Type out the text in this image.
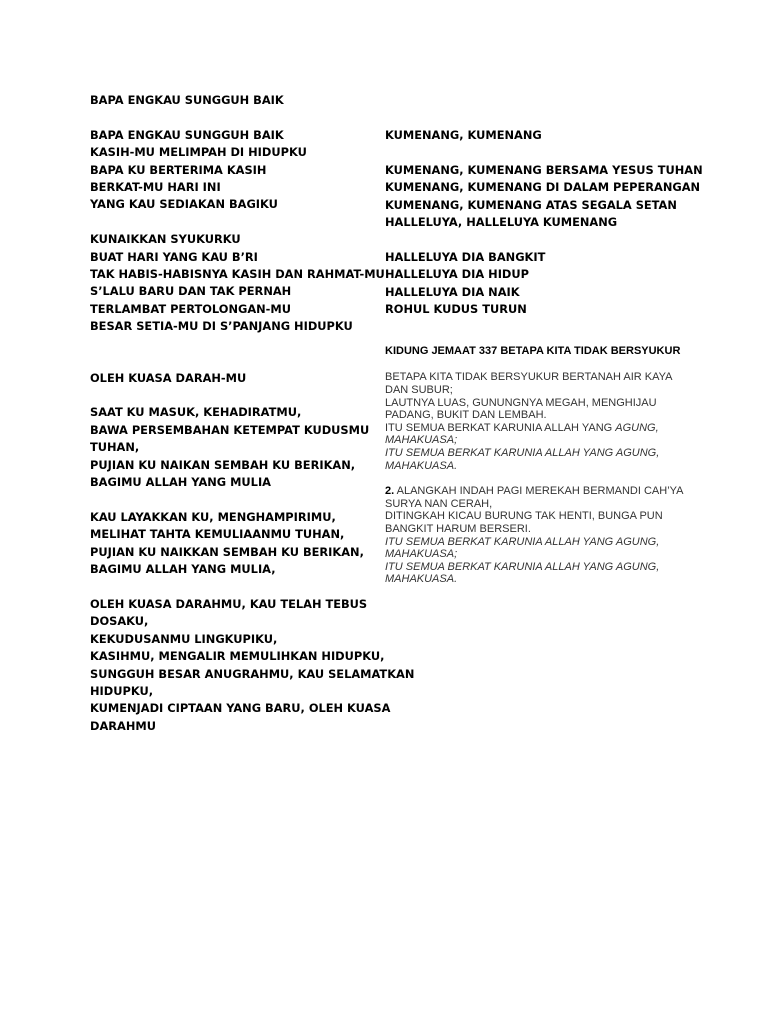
BAPA ENGKAU SUNGGUH BAIK
BAPA ENGKAU SUNGGUH BAIK
KASIH-MU MELIMPAH DI HIDUPKU
BAPA KU BERTERIMA KASIH
BERKAT-MU HARI INI
YANG KAU SEDIAKAN BAGIKU
KUNAIKKAN SYUKURKU
BUAT HARI YANG KAU B’RI
TAK HABIS-HABISNYA KASIH DAN RAHMAT-MU
S’LALU BARU DAN TAK PERNAH
TERLAMBAT PERTOLONGAN-MU
BESAR SETIA-MU DI S’PANJANG HIDUPKU
OLEH KUASA DARAH-MU
SAAT KU MASUK, KEHADIRATMU,
BAWA PERSEMBAHAN KETEMPAT KUDUSMU
TUHAN,
PUJIAN KU NAIKAN SEMBAH KU BERIKAN,
BAGIMU ALLAH YANG MULIA
KAU LAYAKKAN KU, MENGHAMPIRIMU,
MELIHAT TAHTA KEMULIAANMU TUHAN,
PUJIAN KU NAIKKAN SEMBAH KU BERIKAN,
BAGIMU ALLAH YANG MULIA,
OLEH KUASA DARAHMU, KAU TELAH TEBUS
DOSAKU,
KEKUDUSANMU LINGKUPIKU,
KASIHMU, MENGALIR MEMULIHKAN HIDUPKU,
SUNGGUH BESAR ANUGRAHMU, KAU SELAMATKAN
HIDUPKU,
KUMENJADI CIPTAAN YANG BARU, OLEH KUASA
DARAHMU
KUMENANG, KUMENANG
KUMENANG, KUMENANG BERSAMA YESUS TUHAN
KUMENANG, KUMENANG DI DALAM PEPERANGAN
KUMENANG, KUMENANG ATAS SEGALA SETAN
HALLELUYA, HALLELUYA KUMENANG
HALLELUYA DIA BANGKIT
HALLELUYA DIA HIDUP
HALLELUYA DIA NAIK
ROHUL KUDUS TURUN
KIDUNG JEMAAT 337 BETAPA KITA TIDAK BERSYUKUR
BETAPA KITA TIDAK BERSYUKUR BERTANAH AIR KAYA DAN SUBUR;
LAUTNYA LUAS, GUNUNGNYA MEGAH, MENGHIJAU PADANG, BUKIT DAN LEMBAH.
ITU SEMUA BERKAT KARUNIA ALLAH YANG AGUNG, MAHAKUASA;
ITU SEMUA BERKAT KARUNIA ALLAH YANG AGUNG, MAHAKUASA.
2. ALANGKAH INDAH PAGI MEREKAH BERMANDI CAH’YA SURYA NAN CERAH,
DITINGKAH KICAU BURUNG TAK HENTI, BUNGA PUN BANGKIT HARUM BERSERI.
ITU SEMUA BERKAT KARUNIA ALLAH YANG AGUNG, MAHAKUASA;
ITU SEMUA BERKAT KARUNIA ALLAH YANG AGUNG, MAHAKUASA.
